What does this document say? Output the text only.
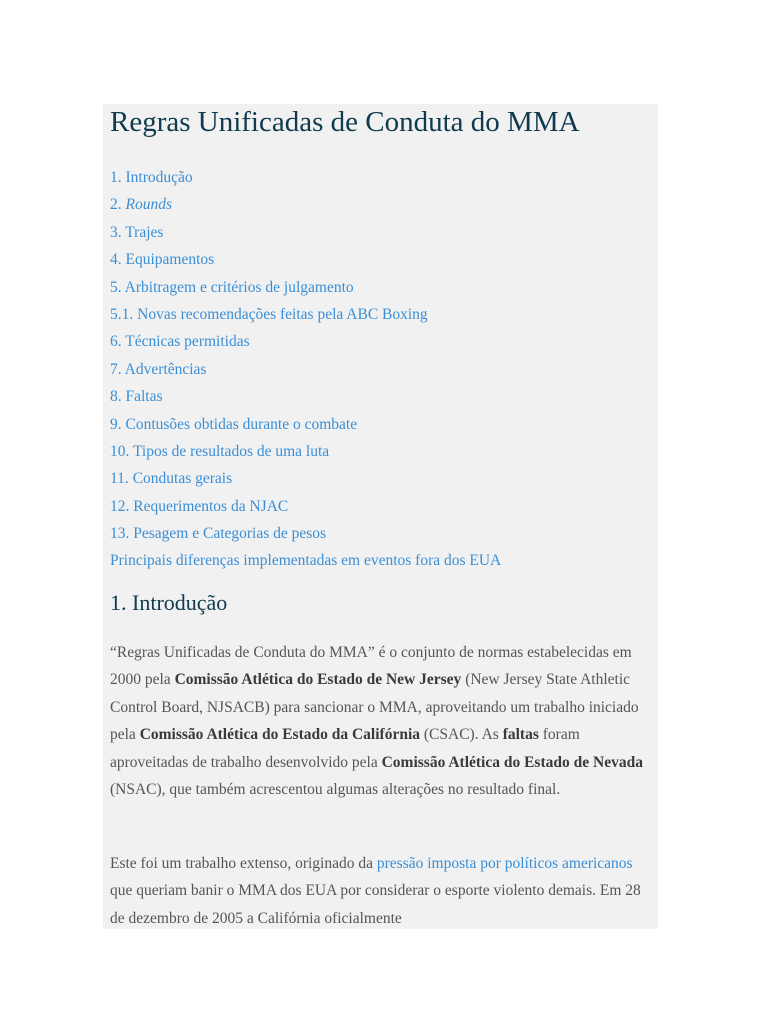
Regras Unificadas de Conduta do MMA
1. Introdução
2. Rounds
3. Trajes
4. Equipamentos
5. Arbitragem e critérios de julgamento
5.1. Novas recomendações feitas pela ABC Boxing
6. Técnicas permitidas
7. Advertências
8. Faltas
9. Contusões obtidas durante o combate
10. Tipos de resultados de uma luta
11. Condutas gerais
12. Requerimentos da NJAC
13. Pesagem e Categorias de pesos
Principais diferenças implementadas em eventos fora dos EUA
1. Introdução

“Regras Unificadas de Conduta do MMA” é o conjunto de normas estabelecidas em 2000 pela Comissão Atlética do Estado de New Jersey (New Jersey State Athletic Control Board, NJSACB) para sancionar o MMA, aproveitando um trabalho iniciado pela Comissão Atlética do Estado da Califórnia (CSAC). As faltas foram aproveitadas de trabalho desenvolvido pela Comissão Atlética do Estado de Nevada (NSAC), que também acrescentou algumas alterações no resultado final.

Este foi um trabalho extenso, originado da pressão imposta por políticos americanos que queriam banir o MMA dos EUA por considerar o esporte violento demais. Em 28 de dezembro de 2005 a Califórnia oficialmente
